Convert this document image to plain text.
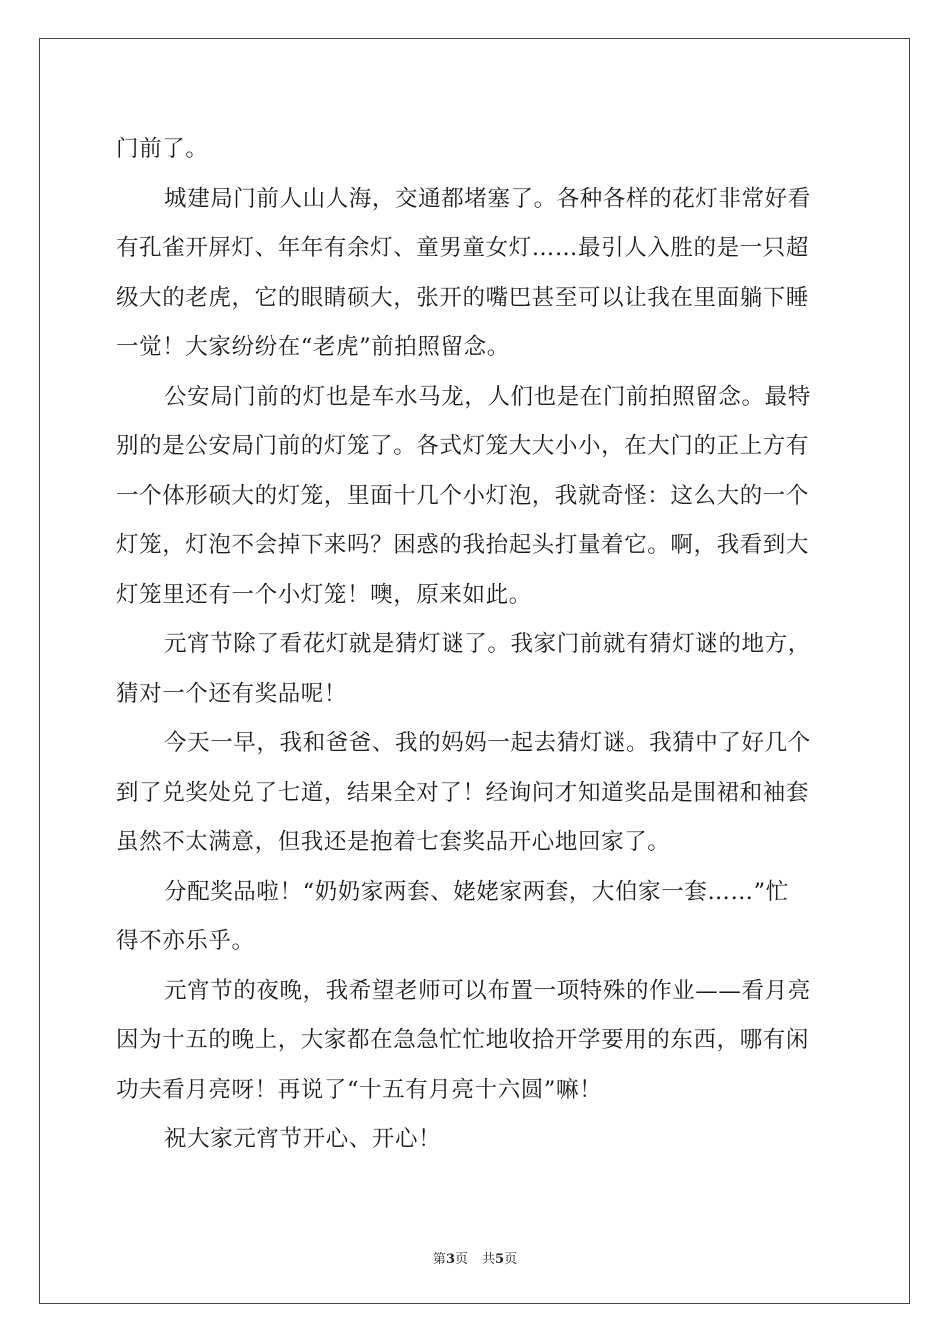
门前了。
城建局门前人山人海，交通都堵塞了。各种各样的花灯非常好看
有孔雀开屏灯、年年有余灯、童男童女灯……最引人入胜的是一只超
级大的老虎，它的眼睛硕大，张开的嘴巴甚至可以让我在里面躺下睡
一觉！大家纷纷在“老虎”前拍照留念。
公安局门前的灯也是车水马龙，人们也是在门前拍照留念。最特
别的是公安局门前的灯笼了。各式灯笼大大小小，在大门的正上方有
一个体形硕大的灯笼，里面十几个小灯泡，我就奇怪：这么大的一个
灯笼，灯泡不会掉下来吗？困惑的我抬起头打量着它。啊，我看到大
灯笼里还有一个小灯笼！噢，原来如此。
元宵节除了看花灯就是猜灯谜了。我家门前就有猜灯谜的地方，
猜对一个还有奖品呢！
今天一早，我和爸爸、我的妈妈一起去猜灯谜。我猜中了好几个
到了兑奖处兑了七道，结果全对了！经询问才知道奖品是围裙和袖套
虽然不太满意，但我还是抱着七套奖品开心地回家了。
分配奖品啦！“奶奶家两套、姥姥家两套，大伯家一套……”忙
得不亦乐乎。
元宵节的夜晚，我希望老师可以布置一项特殊的作业——看月亮
因为十五的晚上，大家都在急急忙忙地收拾开学要用的东西，哪有闲
功夫看月亮呀！再说了“十五有月亮十六圆”嘛！
祝大家元宵节开心、开心！
第3页 共5页
